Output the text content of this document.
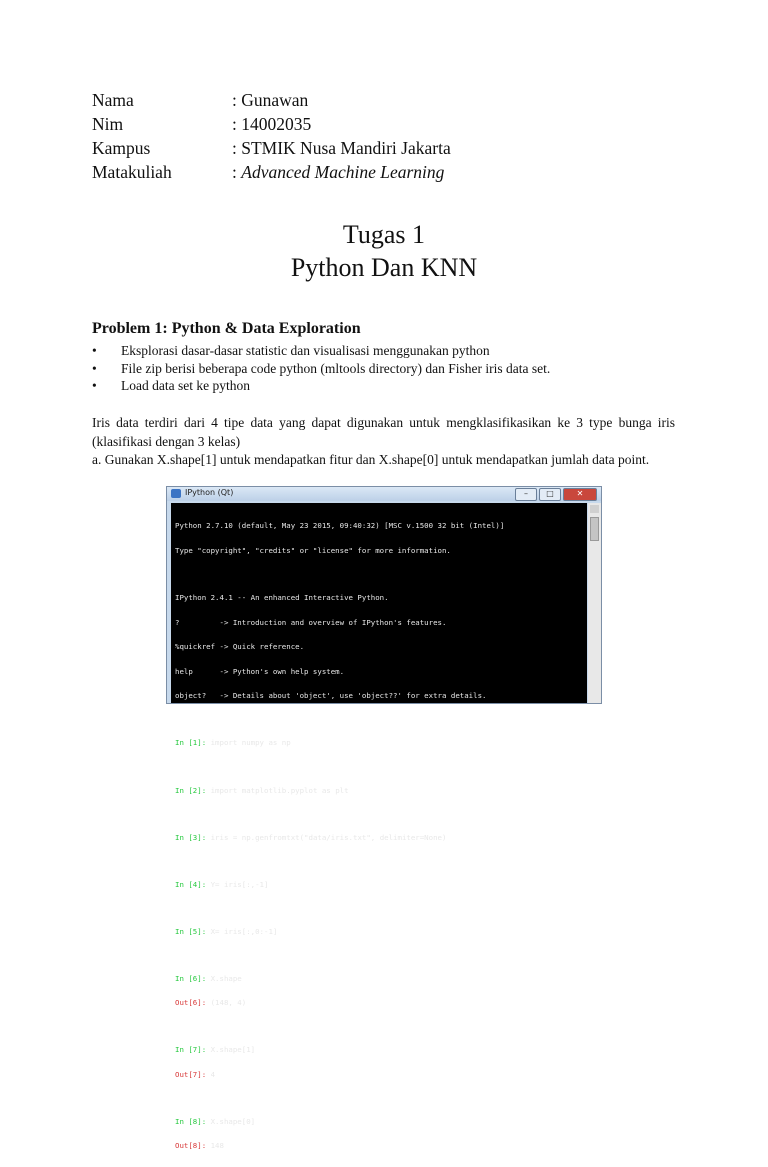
Nama	: Gunawan
Nim	: 14002035
Kampus	: STMIK Nusa Mandiri Jakarta
Matakuliah	: Advanced Machine Learning
Tugas 1
Python Dan KNN
Problem 1: Python & Data Exploration
•	Eksplorasi dasar-dasar statistic dan visualisasi menggunakan python
•	File zip berisi beberapa code python (mltools directory) dan Fisher iris data set.
•	Load data set ke python
Iris data terdiri dari 4 tipe data yang dapat digunakan untuk mengklasifikasikan ke 3 type bunga iris (klasifikasi dengan 3 kelas)
a. Gunakan X.shape[1] untuk mendapatkan fitur dan X.shape[0] untuk mendapatkan jumlah data point.
IPython (Qt)	–	□	✕

Python 2.7.10 (default, May 23 2015, 09:40:32) [MSC v.1500 32 bit (Intel)]

Type "copyright", "credits" or "license" for more information.

IPython 2.4.1 -- An enhanced Interactive Python.

?         -> Introduction and overview of IPython's features.

%quickref -> Quick reference.

help      -> Python's own help system.

object?   -> Details about 'object', use 'object??' for extra details.

In [1]: import numpy as np

In [2]: import matplotlib.pyplot as plt

In [3]: iris = np.genfromtxt("data/iris.txt", delimiter=None)

In [4]: Y= iris[:,-1]

In [5]: X= iris[:,0:-1]

In [6]: X.shape

Out[6]: (148, 4)

In [7]: X.shape[1]

Out[7]: 4

In [8]: X.shape[0]

Out[8]: 148
